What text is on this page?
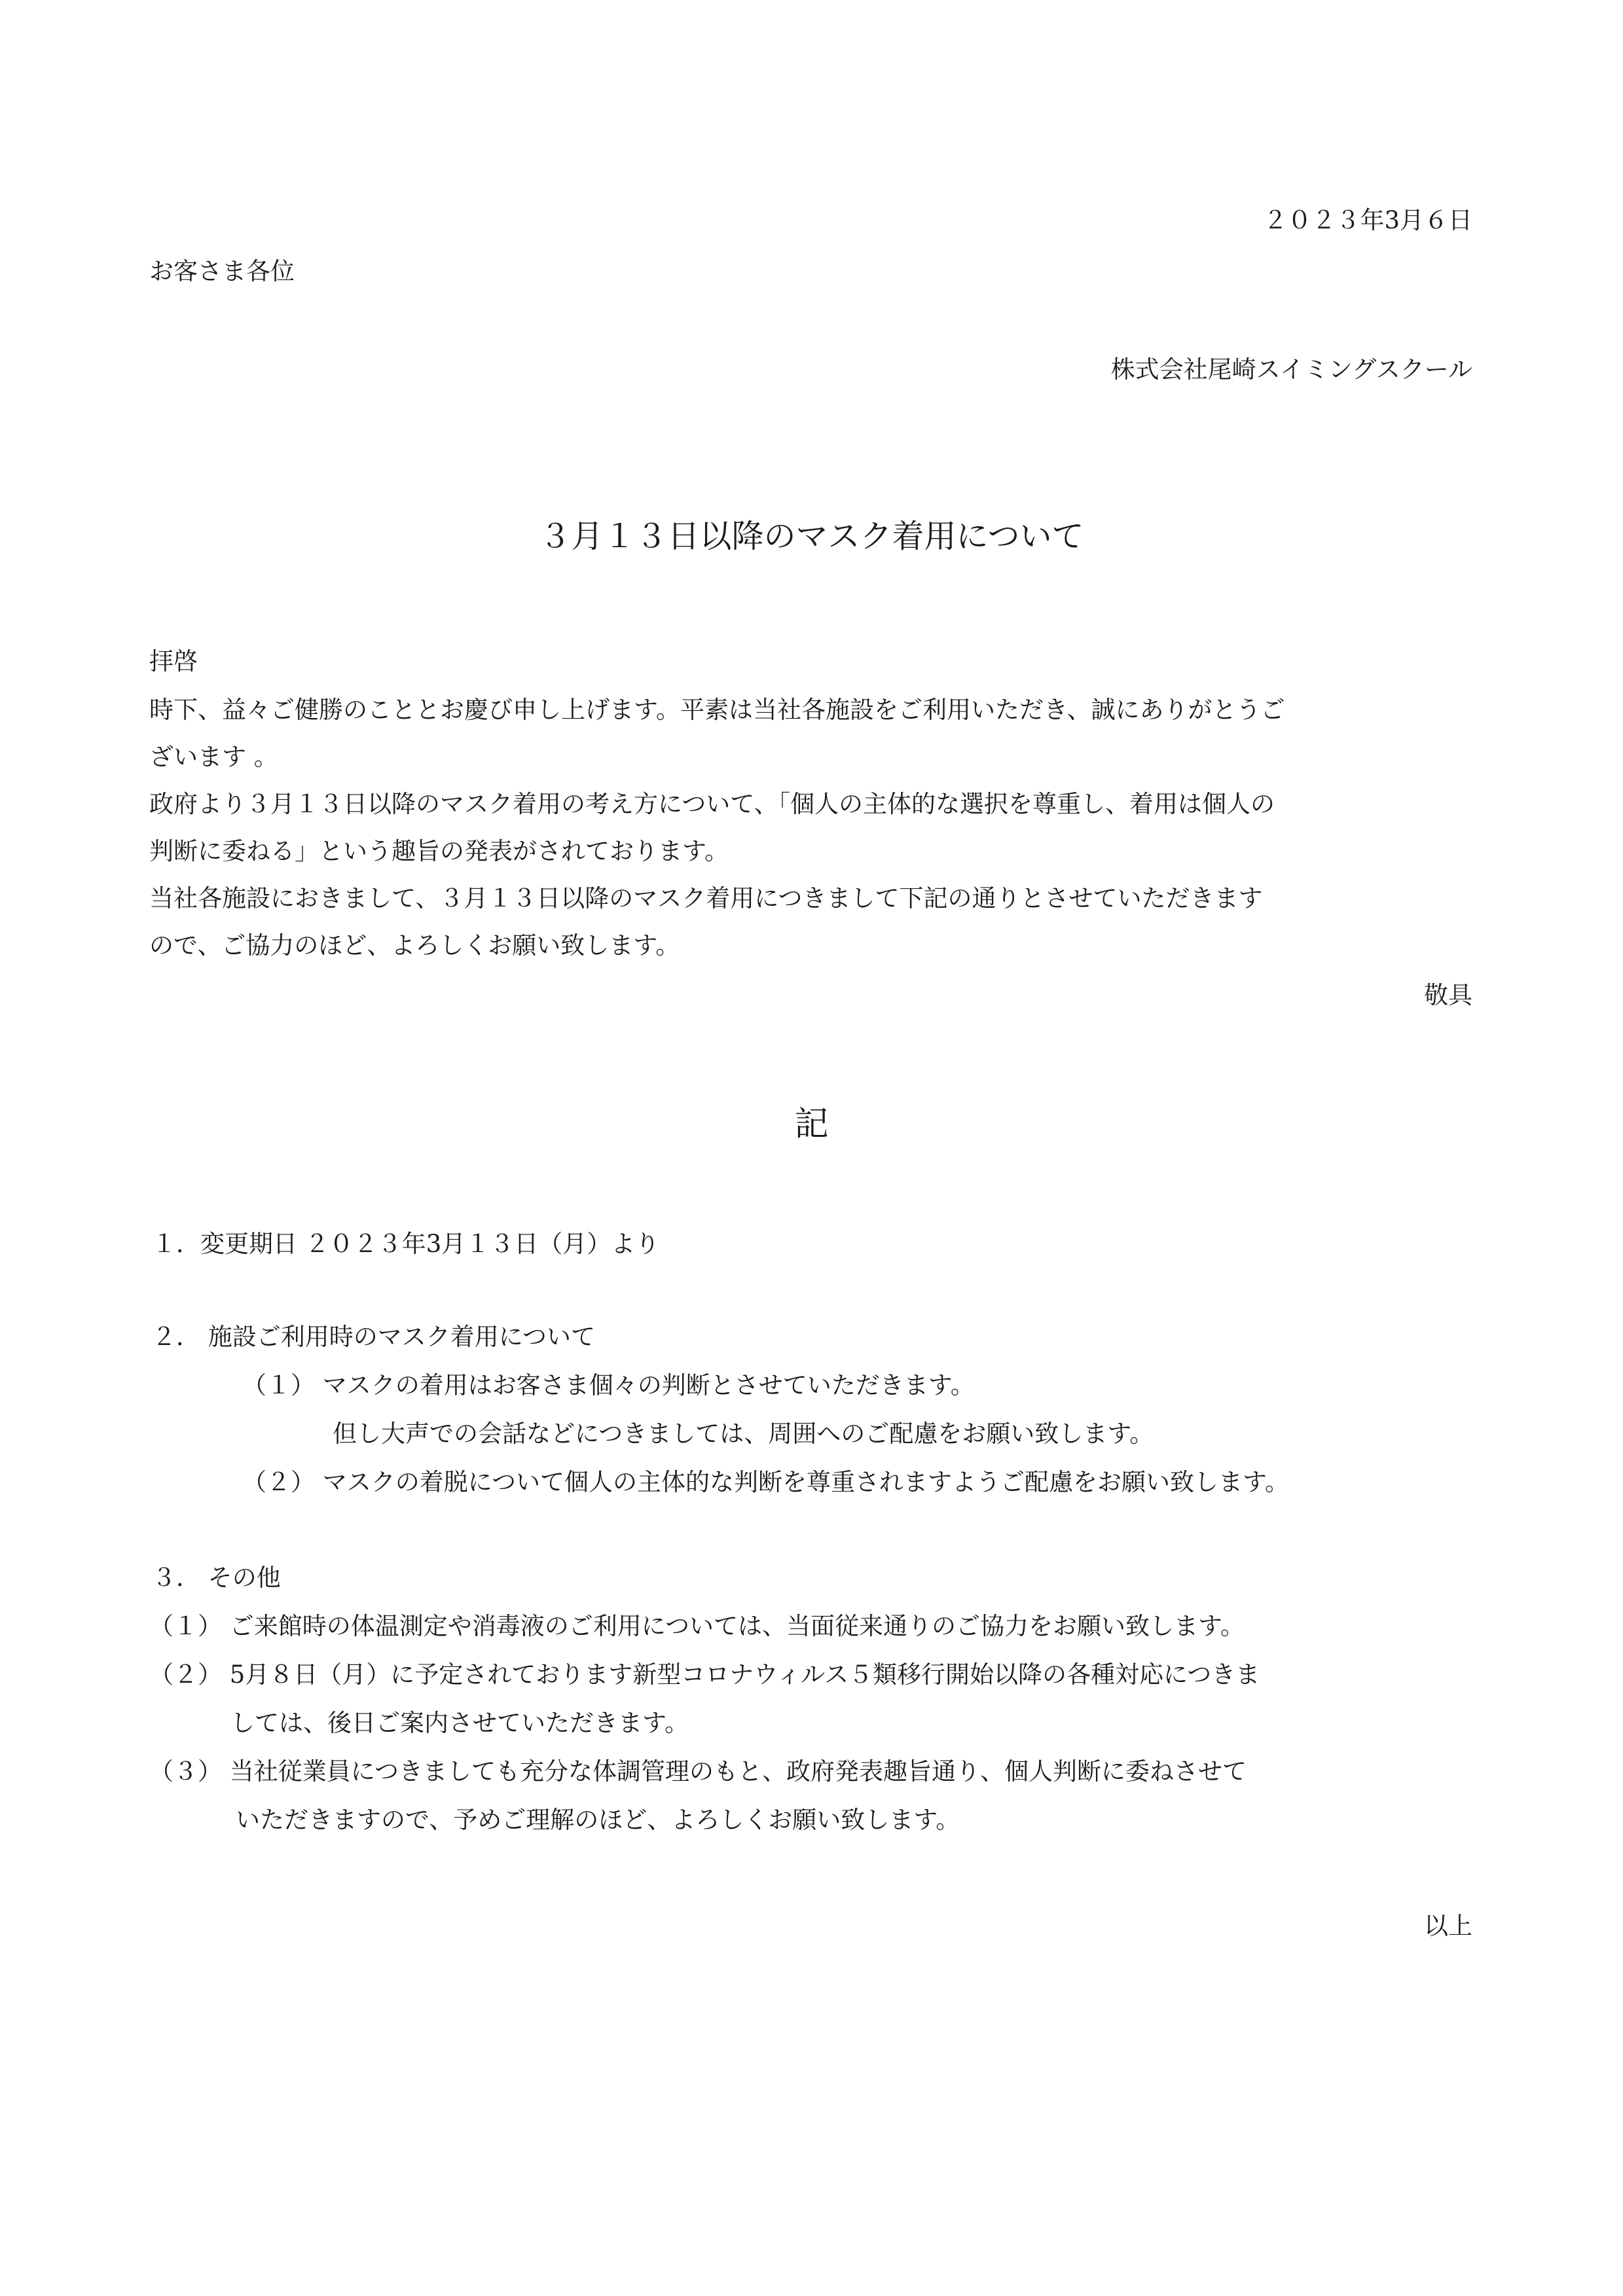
２０２３年3月６日
お客さま各位
株式会社尾崎スイミングスクール
３月１３日以降のマスク着用について
拝啓
時下、益々ご健勝のこととお慶び申し上げます。平素は当社各施設をご利用いただき、誠にありがとうご
ざいます 。
政府より３月１３日以降のマスク着用の考え方について、「個人の主体的な選択を尊重し、着用は個人の
判断に委ねる」という趣旨の発表がされております。
当社各施設におきまして、３月１３日以降のマスク着用につきまして下記の通りとさせていただきます
ので、ご協力のほど、よろしくお願い致します。
敬具
記
１．変更期日 ２０２３年3月１３日（月）より
２． 施設ご利用時のマスク着用について
（１） マスクの着用はお客さま個々の判断とさせていただきます。
但し大声での会話などにつきましては、周囲へのご配慮をお願い致します。
（２） マスクの着脱について個人の主体的な判断を尊重されますようご配慮をお願い致します。
３． その他
（１） ご来館時の体温測定や消毒液のご利用については、当面従来通りのご協力をお願い致します。
（２） 5月８日（月）に予定されております新型コロナウィルス５類移行開始以降の各種対応につきま
しては、後日ご案内させていただきます。
（３） 当社従業員につきましても充分な体調管理のもと、政府発表趣旨通り、個人判断に委ねさせて
いただきますので、予めご理解のほど、よろしくお願い致します。
以上
